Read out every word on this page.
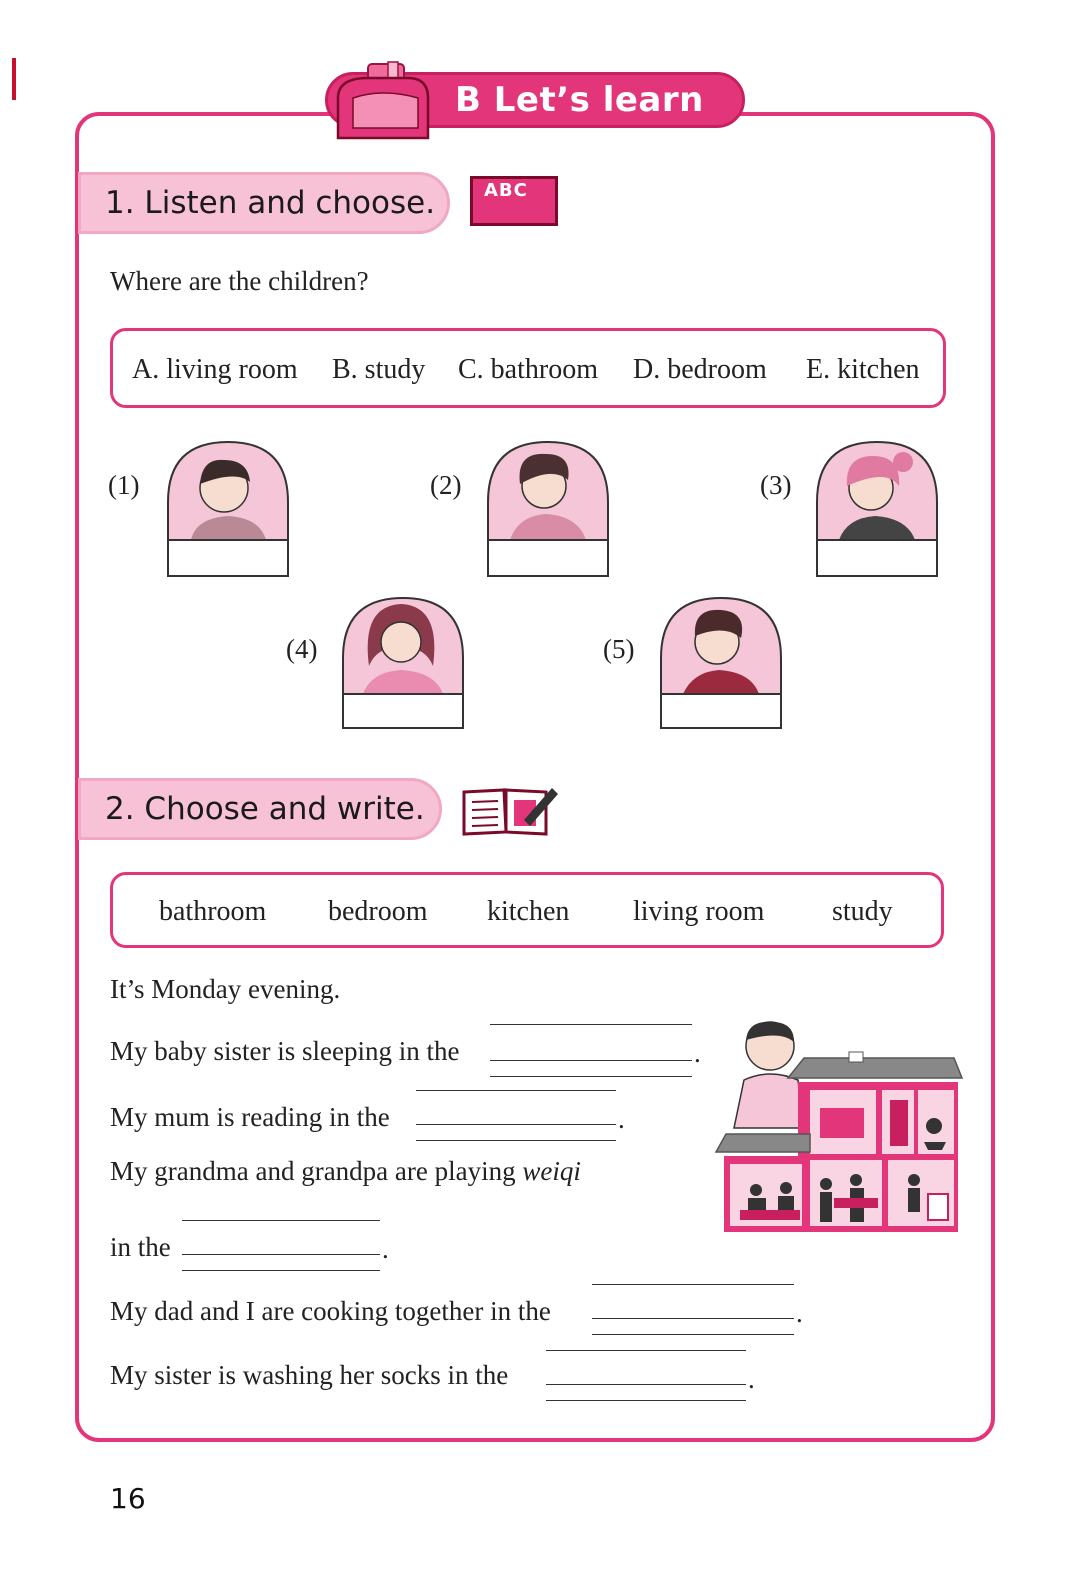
B Let’s learn
1. Listen and choose.	ABC
Where are the children?
A. living room B. study C. bathroom D. bedroom E. kitchen
(1)	(2)	(3)
(4)	(5)
2. Choose and write.
bathroom bedroom kitchen living room study
It’s Monday evening.
My baby sister is sleeping in the	.
My mum is reading in the	.
My grandma and grandpa are playing weiqi
in the	.
My dad and I are cooking together in the	.
My sister is washing her socks in the	.
16
